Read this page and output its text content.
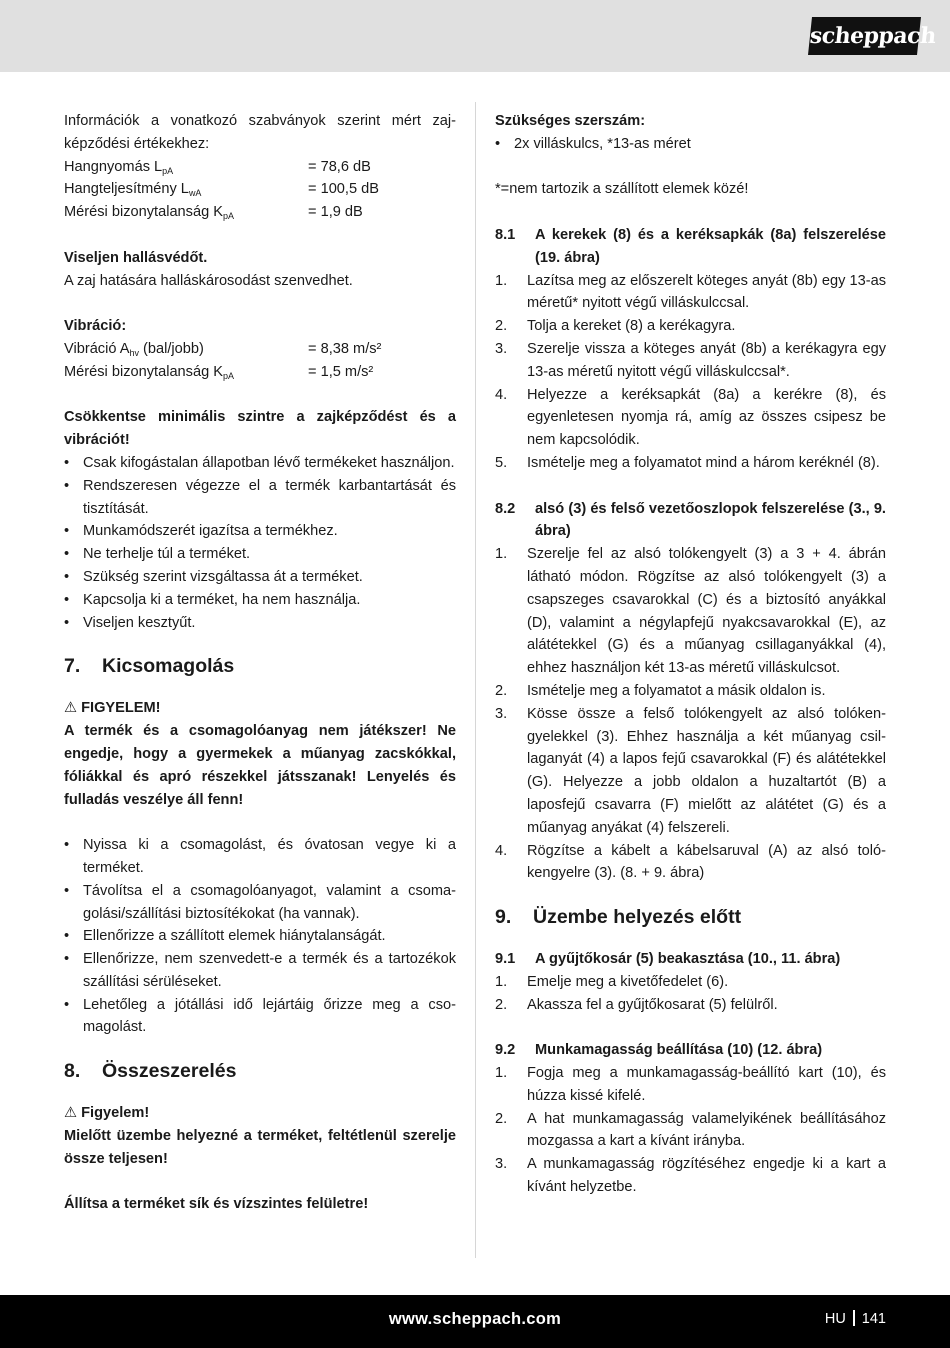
scheppach

Információk a vonatkozó szabványok szerint mért zajképződési értékekhez:

Hangnyomás $L_{pA}$	= 78,6 dB
Hangteljesítmény $L_{wA}$	= 100,5 dB
Mérési bizonytalanság $K_{pA}$	= 1,9 dB

Viseljen hallásvédőt.

A zaj hatására halláskárosodást szenvedhet.

Vibráció:

Vibráció $A_{hv}$ (bal/jobb)	= 8,38 m/s²
Mérési bizonytalanság $K_{pA}$	= 1,5 m/s²

Csökkentse minimális szintre a zajképződést és a vibrációt!

• Csak kifogástalan állapotban lévő termékeket használjon.
• Rendszeresen végezze el a termék karbantartását és tisztítását.
• Munkamódszerét igazítsa a termékhez.
• Ne terhelje túl a terméket.
• Szükség szerint vizsgáltassa át a terméket.
• Kapcsolja ki a terméket, ha nem használja.
• Viseljen kesztyűt.
7.	Kicsomagolás

⚠ FIGYELEM!

A termék és a csomagolóanyag nem játékszer! Ne engedje, hogy a gyermekek a műanyag zacskókkal, fóliákkal és apró részekkel játsszanak! Lenyelés és fulladás veszélye áll fenn!

• Nyissa ki a csomagolást, és óvatosan vegye ki a terméket.
• Távolítsa el a csomagolóanyagot, valamint a csomagolási/szállítási biztosítékokat (ha vannak).
• Ellenőrizze a szállított elemek hiánytalanságát.
• Ellenőrizze, nem szenvedett-e a termék és a tartozékok szállítási sérüléseket.
• Lehetőleg a jótállási idő lejártáig őrizze meg a csomagolást.
8.	Összeszerelés

⚠ Figyelem!

Mielőtt üzembe helyezné a terméket, feltétlenül szerelje össze teljesen!

Állítsa a terméket sík és vízszintes felületre!

Szükséges szerszám:

• 2x villáskulcs, *13-as méret

*=nem tartozik a szállított elemek közé!

8.1	A kerekek (8) és a keréksapkák (8a) felszerelése (19. ábra)
1.	Lazítsa meg az előszerelt köteges anyát (8b) egy 13-as méretű* nyitott végű villáskulccsal.
2.	Tolja a kereket (8) a kerékagyra.
3.	Szerelje vissza a köteges anyát (8b) a kerékagyra egy 13-as méretű nyitott végű villáskulccsal*.
4.	Helyezze a keréksapkát (8a) a kerékre (8), és egyenletesen nyomja rá, amíg az összes csipesz be nem kapcsolódik.
5.	Ismételje meg a folyamatot mind a három keréknél (8).
8.2	alsó (3) és felső vezetőoszlopok felszerelése (3., 9. ábra)
1.	Szerelje fel az alsó tolókengyelt (3) a 3 + 4. ábrán látható módon. Rögzítse az alsó tolókengyelt (3) a csapszeges csavarokkal (C) és a biztosító anyákkal (D), valamint a négylapfejű nyakcsavarokkal (E), az alátétekkel (G) és a műanyag csillaganyákkal (4), ehhez használjon két 13-as méretű villáskulcsot.
2.	Ismételje meg a folyamatot a másik oldalon is.
3.	Kösse össze a felső tolókengyelt az alsó tolókengyelekkel (3). Ehhez használja a két műanyag csillaganyát (4) a lapos fejű csavarokkal (F) és alátétekkel (G). Helyezze a jobb oldalon a huzaltartót (B) a laposfejű csavarra (F) mielőtt az alátétet (G) és a műanyag anyákat (4) felszereli.
4.	Rögzítse a kábelt a kábelsaruval (A) az alsó tolókengyelre (3). (8. + 9. ábra)
9.	Üzembe helyezés előtt
9.1	A gyűjtőkosár (5) beakasztása (10., 11. ábra)
1.	Emelje meg a kivetőfedelet (6).
2.	Akassza fel a gyűjtőkosarat (5) felülről.
9.2	Munkamagasság beállítása (10) (12. ábra)
1.	Fogja meg a munkamagasság-beállító kart (10), és húzza kissé kifelé.
2.	A hat munkamagasság valamelyikének beállításához mozgassa a kart a kívánt irányba.
3.	A munkamagasság rögzítéséhez engedje ki a kart a kívánt helyzetbe.
www.scheppach.com	HU 141
